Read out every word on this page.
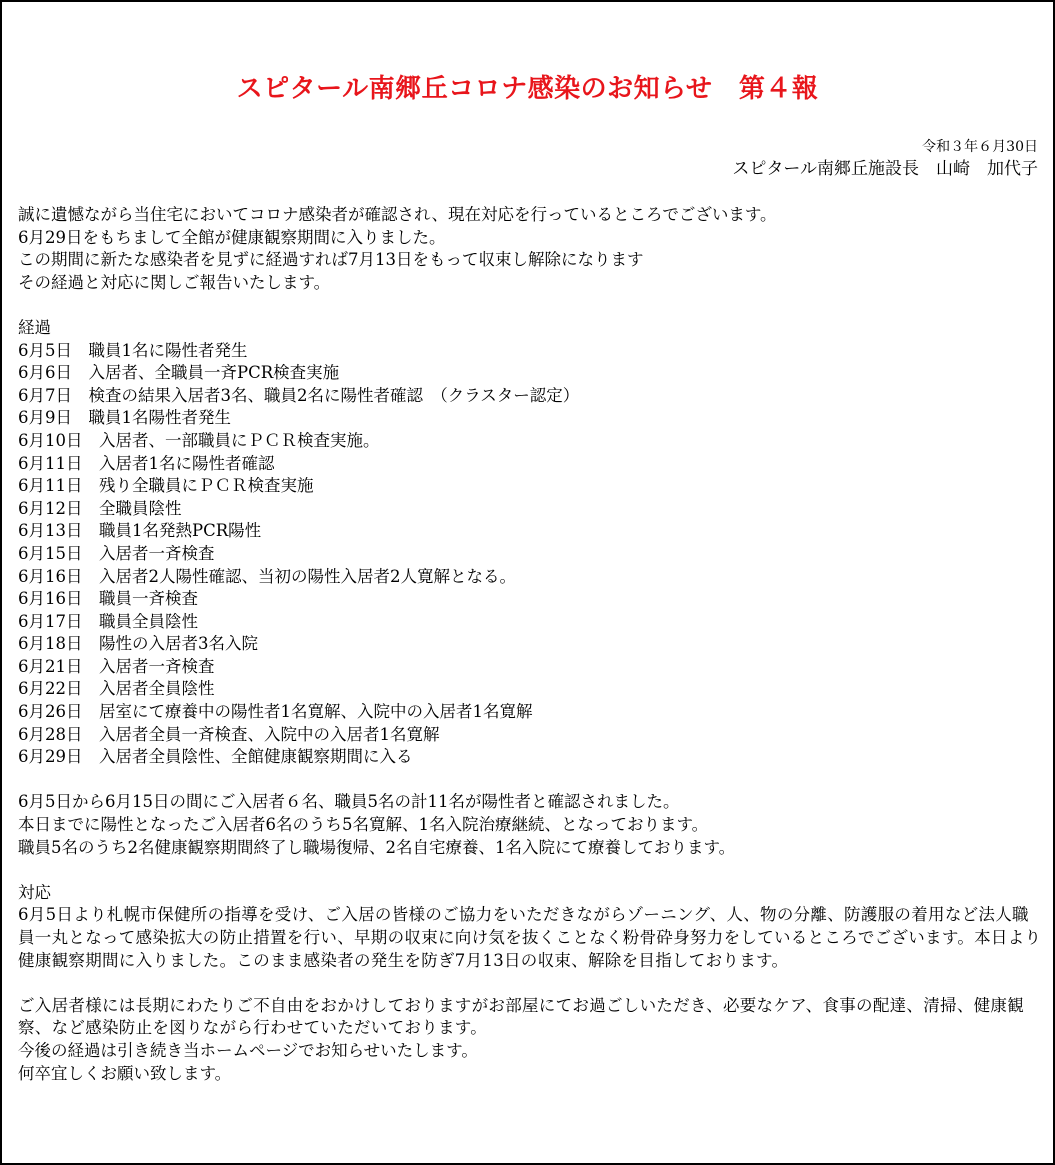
スピタール南郷丘コロナ感染のお知らせ　第４報
令和３年６月30日
スピタール南郷丘施設長　山崎　加代子
誠に遺憾ながら当住宅においてコロナ感染者が確認され、現在対応を行っているところでございます。
6月29日をもちまして全館が健康観察期間に入りました。
この期間に新たな感染者を見ずに経過すれば7月13日をもって収束し解除になります
その経過と対応に関しご報告いたします。
経過
6月5日　職員1名に陽性者発生
6月6日　入居者、全職員一斉PCR検査実施
6月7日　検査の結果入居者3名、職員2名に陽性者確認　（クラスター認定）
6月9日　職員1名陽性者発生
6月10日　入居者、一部職員にＰＣＲ検査実施。
6月11日　入居者1名に陽性者確認
6月11日　残り全職員にＰＣＲ検査実施
6月12日　全職員陰性
6月13日　職員1名発熱PCR陽性
6月15日　入居者一斉検査
6月16日　入居者2人陽性確認、当初の陽性入居者2人寛解となる。
6月16日　職員一斉検査
6月17日　職員全員陰性
6月18日　陽性の入居者3名入院
6月21日　入居者一斉検査
6月22日　入居者全員陰性
6月26日　居室にて療養中の陽性者1名寛解、入院中の入居者1名寛解
6月28日　入居者全員一斉検査、入院中の入居者1名寛解
6月29日　入居者全員陰性、全館健康観察期間に入る
6月5日から6月15日の間にご入居者６名、職員5名の計11名が陽性者と確認されました。
本日までに陽性となったご入居者6名のうち5名寛解、1名入院治療継続、となっております。
職員5名のうち2名健康観察期間終了し職場復帰、2名自宅療養、1名入院にて療養しております。
対応
6月5日より札幌市保健所の指導を受け、ご入居の皆様のご協力をいただきながらゾーニング、人、物の分離、防護服の着用など法人職員一丸となって感染拡大の防止措置を行い、早期の収束に向け気を抜くことなく粉骨砕身努力をしているところでございます。本日より健康観察期間に入りました。このまま感染者の発生を防ぎ7月13日の収束、解除を目指しております。
ご入居者様には長期にわたりご不自由をおかけしておりますがお部屋にてお過ごしいただき、必要なケア、食事の配達、清掃、健康観察、など感染防止を図りながら行わせていただいております。
今後の経過は引き続き当ホームページでお知らせいたします。
何卒宜しくお願い致します。
